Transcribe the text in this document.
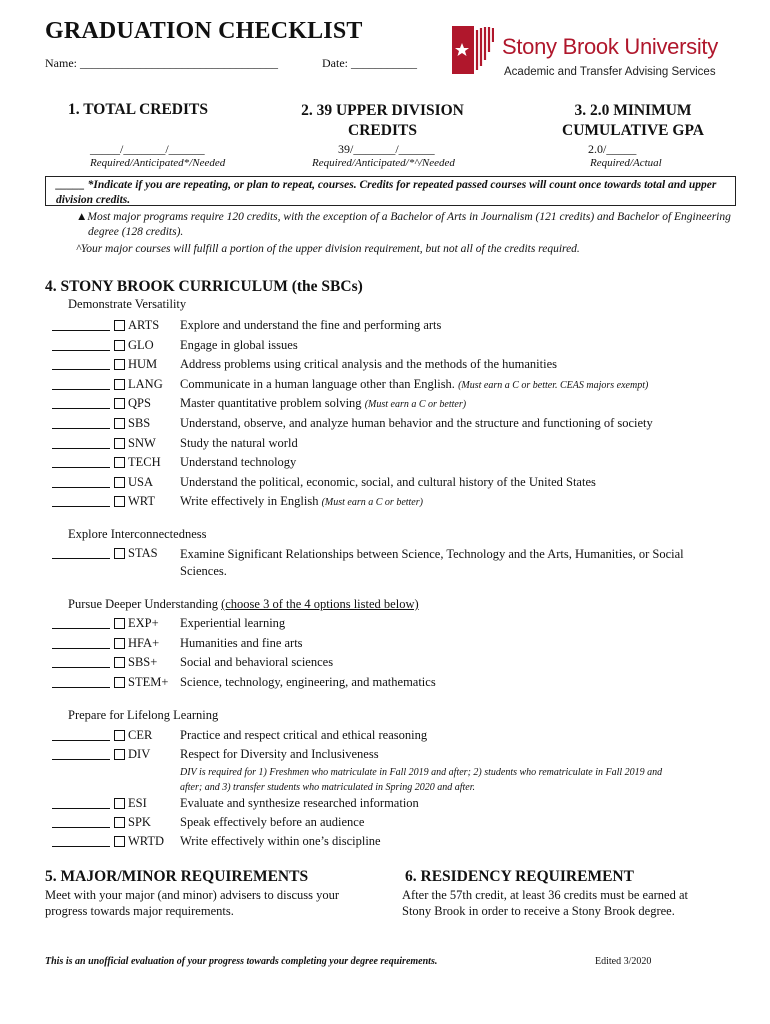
GRADUATION CHECKLIST
Name: _________________________________	Date: ___________
Stony Brook University
Academic and Transfer Advising Services
1. TOTAL CREDITS	2. 39 UPPER DIVISION CREDITS
3. 2.0 MINIMUM CUMULATIVE GPA
_____/_______/______	39/_______/______	2.0/_____
Required/Anticipated*/Needed	Required/Anticipated/*^/Needed	Required/Actual
_____ *Indicate if you are repeating, or plan to repeat, courses. Credits for repeated passed courses will count once towards total and upper division credits.
▲Most major programs require 120 credits, with the exception of a Bachelor of Arts in Journalism (121 credits) and Bachelor of Engineering degree (128 credits).
^Your major courses will fulfill a portion of the upper division requirement, but not all of the credits required.
4. STONY BROOK CURRICULUM (the SBCs)
Demonstrate Versatility
ARTS Explore and understand the fine and performing arts
GLO Engage in global issues
HUM Address problems using critical analysis and the methods of the humanities
LANG Communicate in a human language other than English. (Must earn a C or better. CEAS majors exempt)
QPS Master quantitative problem solving (Must earn a C or better)
SBS Understand, observe, and analyze human behavior and the structure and functioning of society
SNW Study the natural world
TECH Understand technology
USA Understand the political, economic, social, and cultural history of the United States
WRT Write effectively in English (Must earn a C or better)
Explore Interconnectedness
STAS Examine Significant Relationships between Science, Technology and the Arts, Humanities, or Social
Sciences.
Pursue Deeper Understanding (choose 3 of the 4 options listed below)
EXP+ Experiential learning
HFA+ Humanities and fine arts
SBS+ Social and behavioral sciences
STEM+ Science, technology, engineering, and mathematics
Prepare for Lifelong Learning
CER Practice and respect critical and ethical reasoning
DIV Respect for Diversity and Inclusiveness
ESI	Evaluate and synthesize researched information
SPK Speak effectively before an audience
WRTD Write effectively within one’s discipline
DIV is required for 1) Freshmen who matriculate in Fall 2019 and after; 2) students who rematriculate in Fall 2019 and
after; and 3) transfer students who matriculated in Spring 2020 and after.
5. MAJOR/MINOR REQUIREMENTS
Meet with your major (and minor) advisers to discuss your
progress towards major requirements.
6. RESIDENCY REQUIREMENT
After the 57th credit, at least 36 credits must be earned at
Stony Brook in order to receive a Stony Brook degree.
This is an unofficial evaluation of your progress towards completing your degree requirements.	Edited 3/2020
